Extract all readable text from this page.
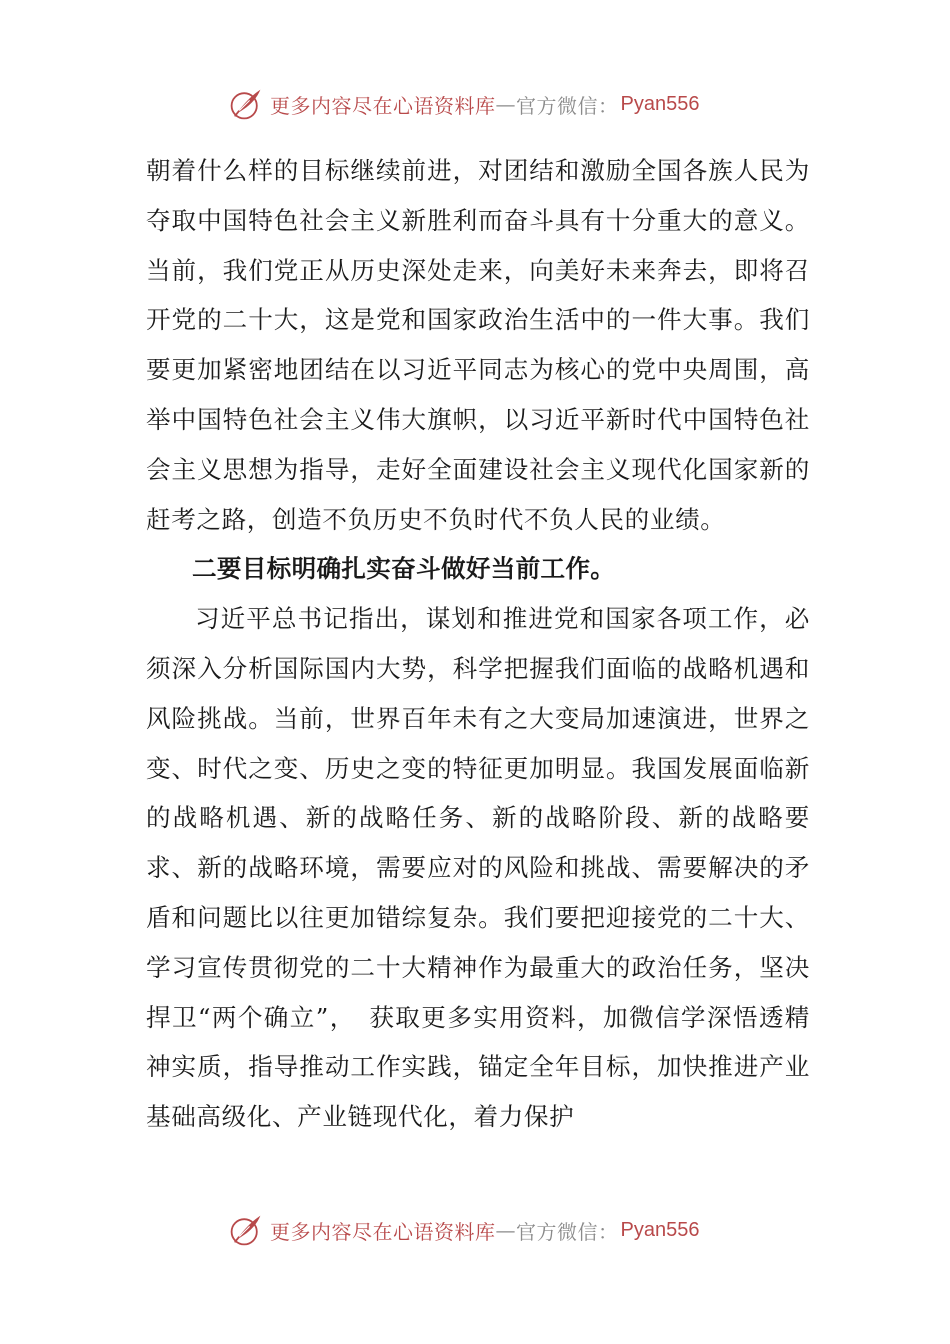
更多内容尽在心语资料库 — 官方微信： Pyan556

朝着什么样的目标继续前进，对团结和激励全国各族人民为夺取中国特色社会主义新胜利而奋斗具有十分重大的意义。当前，我们党正从历史深处走来，向美好未来奔去，即将召开党的二十大，这是党和国家政治生活中的一件大事。我们要更加紧密地团结在以习近平同志为核心的党中央周围，高举中国特色社会主义伟大旗帜，以习近平新时代中国特色社会主义思想为指导，走好全面建设社会主义现代化国家新的赶考之路，创造不负历史不负时代不负人民的业绩。

二要目标明确扎实奋斗做好当前工作。

习近平总书记指出，谋划和推进党和国家各项工作，必须深入分析国际国内大势，科学把握我们面临的战略机遇和风险挑战。当前，世界百年未有之大变局加速演进，世界之变、时代之变、历史之变的特征更加明显。我国发展面临新的战略机遇、新的战略任务、新的战略阶段、新的战略要求、新的战略环境，需要应对的风险和挑战、需要解决的矛盾和问题比以往更加错综复杂。我们要把迎接党的二十大、学习宣传贯彻党的二十大精神作为最重大的政治任务，坚决捍卫“两个确立”，　获取更多实用资料，加微信学深悟透精神实质，指导推动工作实践，锚定全年目标，加快推进产业基础高级化、产业链现代化，着力保护

更多内容尽在心语资料库 — 官方微信： Pyan556
